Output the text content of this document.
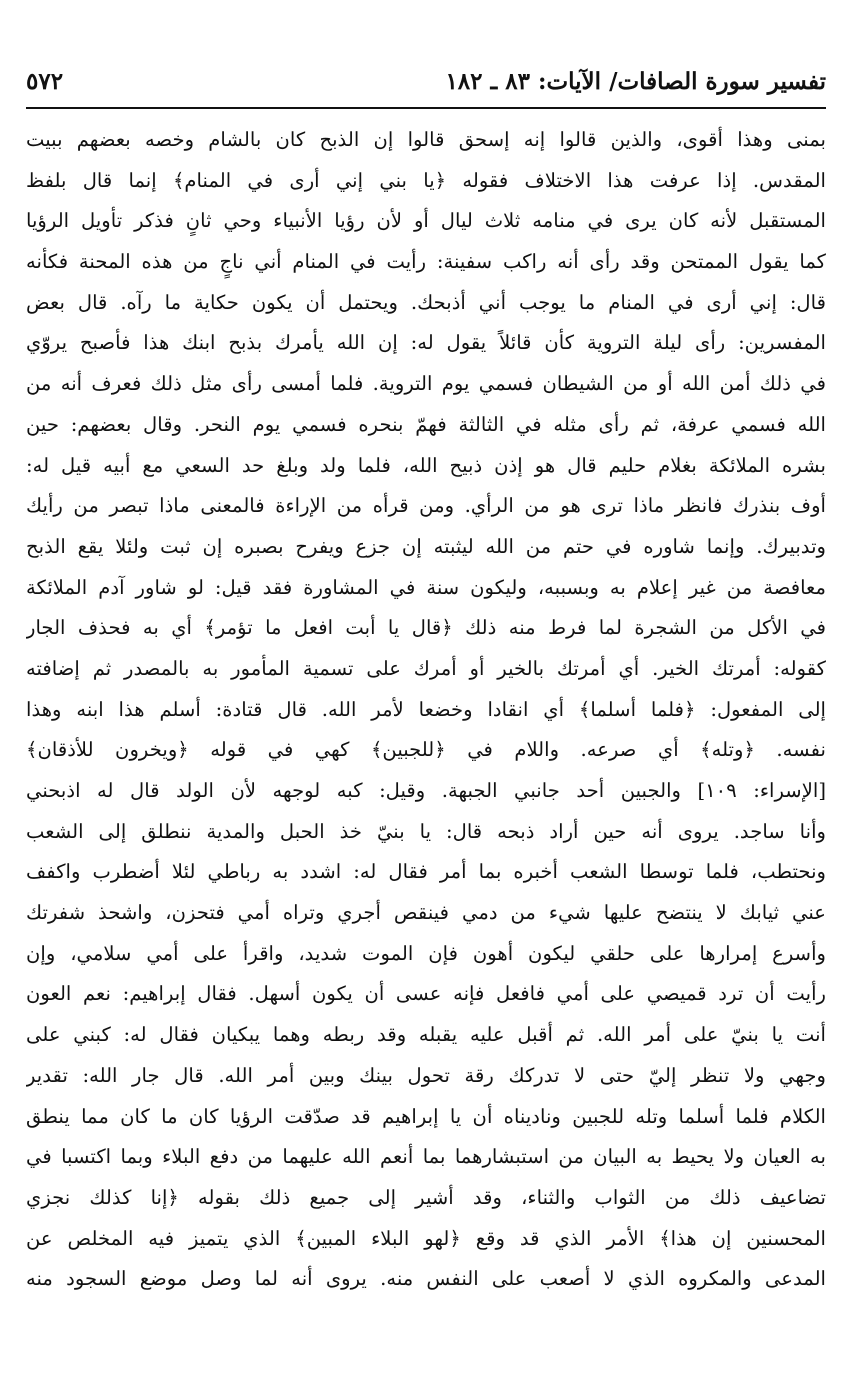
تفسير سورة الصافات/ الآيات: ٨٣ ـ ١٨٢
٥٧٢
بمنى وهذا أقوى، والذين قالوا إنه إسحق قالوا إن الذبح كان بالشام وخصه بعضهم ببيت
المقدس. إذا عرفت هذا الاختلاف فقوله ﴿يا بني إني أرى في المنام﴾ إنما قال بلفظ
المستقبل لأنه كان يرى في منامه ثلاث ليال أو لأن رؤيا الأنبياء وحي ثانٍ فذكر تأويل الرؤيا
كما يقول الممتحن وقد رأى أنه راكب سفينة: رأيت في المنام أني ناجٍ من هذه المحنة فكأنه
قال: إني أرى في المنام ما يوجب أني أذبحك. ويحتمل أن يكون حكاية ما رآه. قال بعض
المفسرين: رأى ليلة التروية كأن قائلاً يقول له: إن الله يأمرك بذبح ابنك هذا فأصبح يروّي
في ذلك أمن الله أو من الشيطان فسمي يوم التروية. فلما أمسى رأى مثل ذلك فعرف أنه من
الله فسمي عرفة، ثم رأى مثله في الثالثة فهمّ بنحره فسمي يوم النحر. وقال بعضهم: حين
بشره الملائكة بغلام حليم قال هو إذن ذبيح الله، فلما ولد وبلغ حد السعي مع أبيه قيل له:
أوف بنذرك فانظر ماذا ترى هو من الرأي. ومن قرأه من الإراءة فالمعنى ماذا تبصر من رأيك
وتدبيرك. وإنما شاوره في حتم من الله ليثبته إن جزع ويفرح بصبره إن ثبت ولئلا يقع الذبح
معافصة من غير إعلام به وبسببه، وليكون سنة في المشاورة فقد قيل: لو شاور آدم الملائكة
في الأكل من الشجرة لما فرط منه ذلك ﴿قال يا أبت افعل ما تؤمر﴾ أي به فحذف الجار
كقوله: أمرتك الخير. أي أمرتك بالخير أو أمرك على تسمية المأمور به بالمصدر ثم إضافته
إلى المفعول: ﴿فلما أسلما﴾ أي انقادا وخضعا لأمر الله. قال قتادة: أسلم هذا ابنه وهذا
نفسه. ﴿وتله﴾ أي صرعه. واللام في ﴿للجبين﴾ كهي في قوله ﴿ويخرون للأذقان﴾
[الإسراء: ١٠٩] والجبين أحد جانبي الجبهة. وقيل: كبه لوجهه لأن الولد قال له اذبحني
وأنا ساجد. يروى أنه حين أراد ذبحه قال: يا بنيّ خذ الحبل والمدية ننطلق إلى الشعب
ونحتطب، فلما توسطا الشعب أخبره بما أمر فقال له: اشدد به رباطي لئلا أضطرب واكفف
عني ثيابك لا ينتضح عليها شيء من دمي فينقص أجري وتراه أمي فتحزن، واشحذ شفرتك
وأسرع إمرارها على حلقي ليكون أهون فإن الموت شديد، واقرأ على أمي سلامي، وإن
رأيت أن ترد قميصي على أمي فافعل فإنه عسى أن يكون أسهل. فقال إبراهيم: نعم العون
أنت يا بنيّ على أمر الله. ثم أقبل عليه يقبله وقد ربطه وهما يبكيان فقال له: كبني على
وجهي ولا تنظر إليّ حتى لا تدركك رقة تحول بينك وبين أمر الله. قال جار الله: تقدير
الكلام فلما أسلما وتله للجبين وناديناه أن يا إبراهيم قد صدّقت الرؤيا كان ما كان مما ينطق
به العيان ولا يحيط به البيان من استبشارهما بما أنعم الله عليهما من دفع البلاء وبما اكتسبا في
تضاعيف ذلك من الثواب والثناء، وقد أشير إلى جميع ذلك بقوله ﴿إنا كذلك نجزي
المحسنين إن هذا﴾ الأمر الذي قد وقع ﴿لهو البلاء المبين﴾ الذي يتميز فيه المخلص عن
المدعى والمكروه الذي لا أصعب على النفس منه. يروى أنه لما وصل موضع السجود منه
